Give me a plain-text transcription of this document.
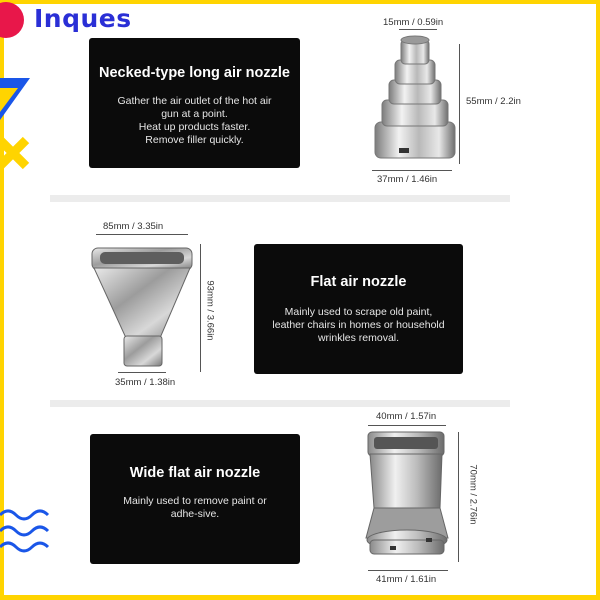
Inques
Necked-type long air nozzle
Gather the air outlet of the hot air gun at a point.
Heat up products faster.
Remove filler quickly.
15mm / 0.59in
55mm / 2.2in
37mm / 1.46in
85mm / 3.35in
93mm / 3.66in
35mm / 1.38in
Flat air nozzle
Mainly used to scrape old paint, leather chairs in homes or household wrinkles removal.
Wide flat air nozzle
Mainly used to remove paint or adhe-sive.
40mm / 1.57in
70mm / 2.76in
41mm / 1.61in
